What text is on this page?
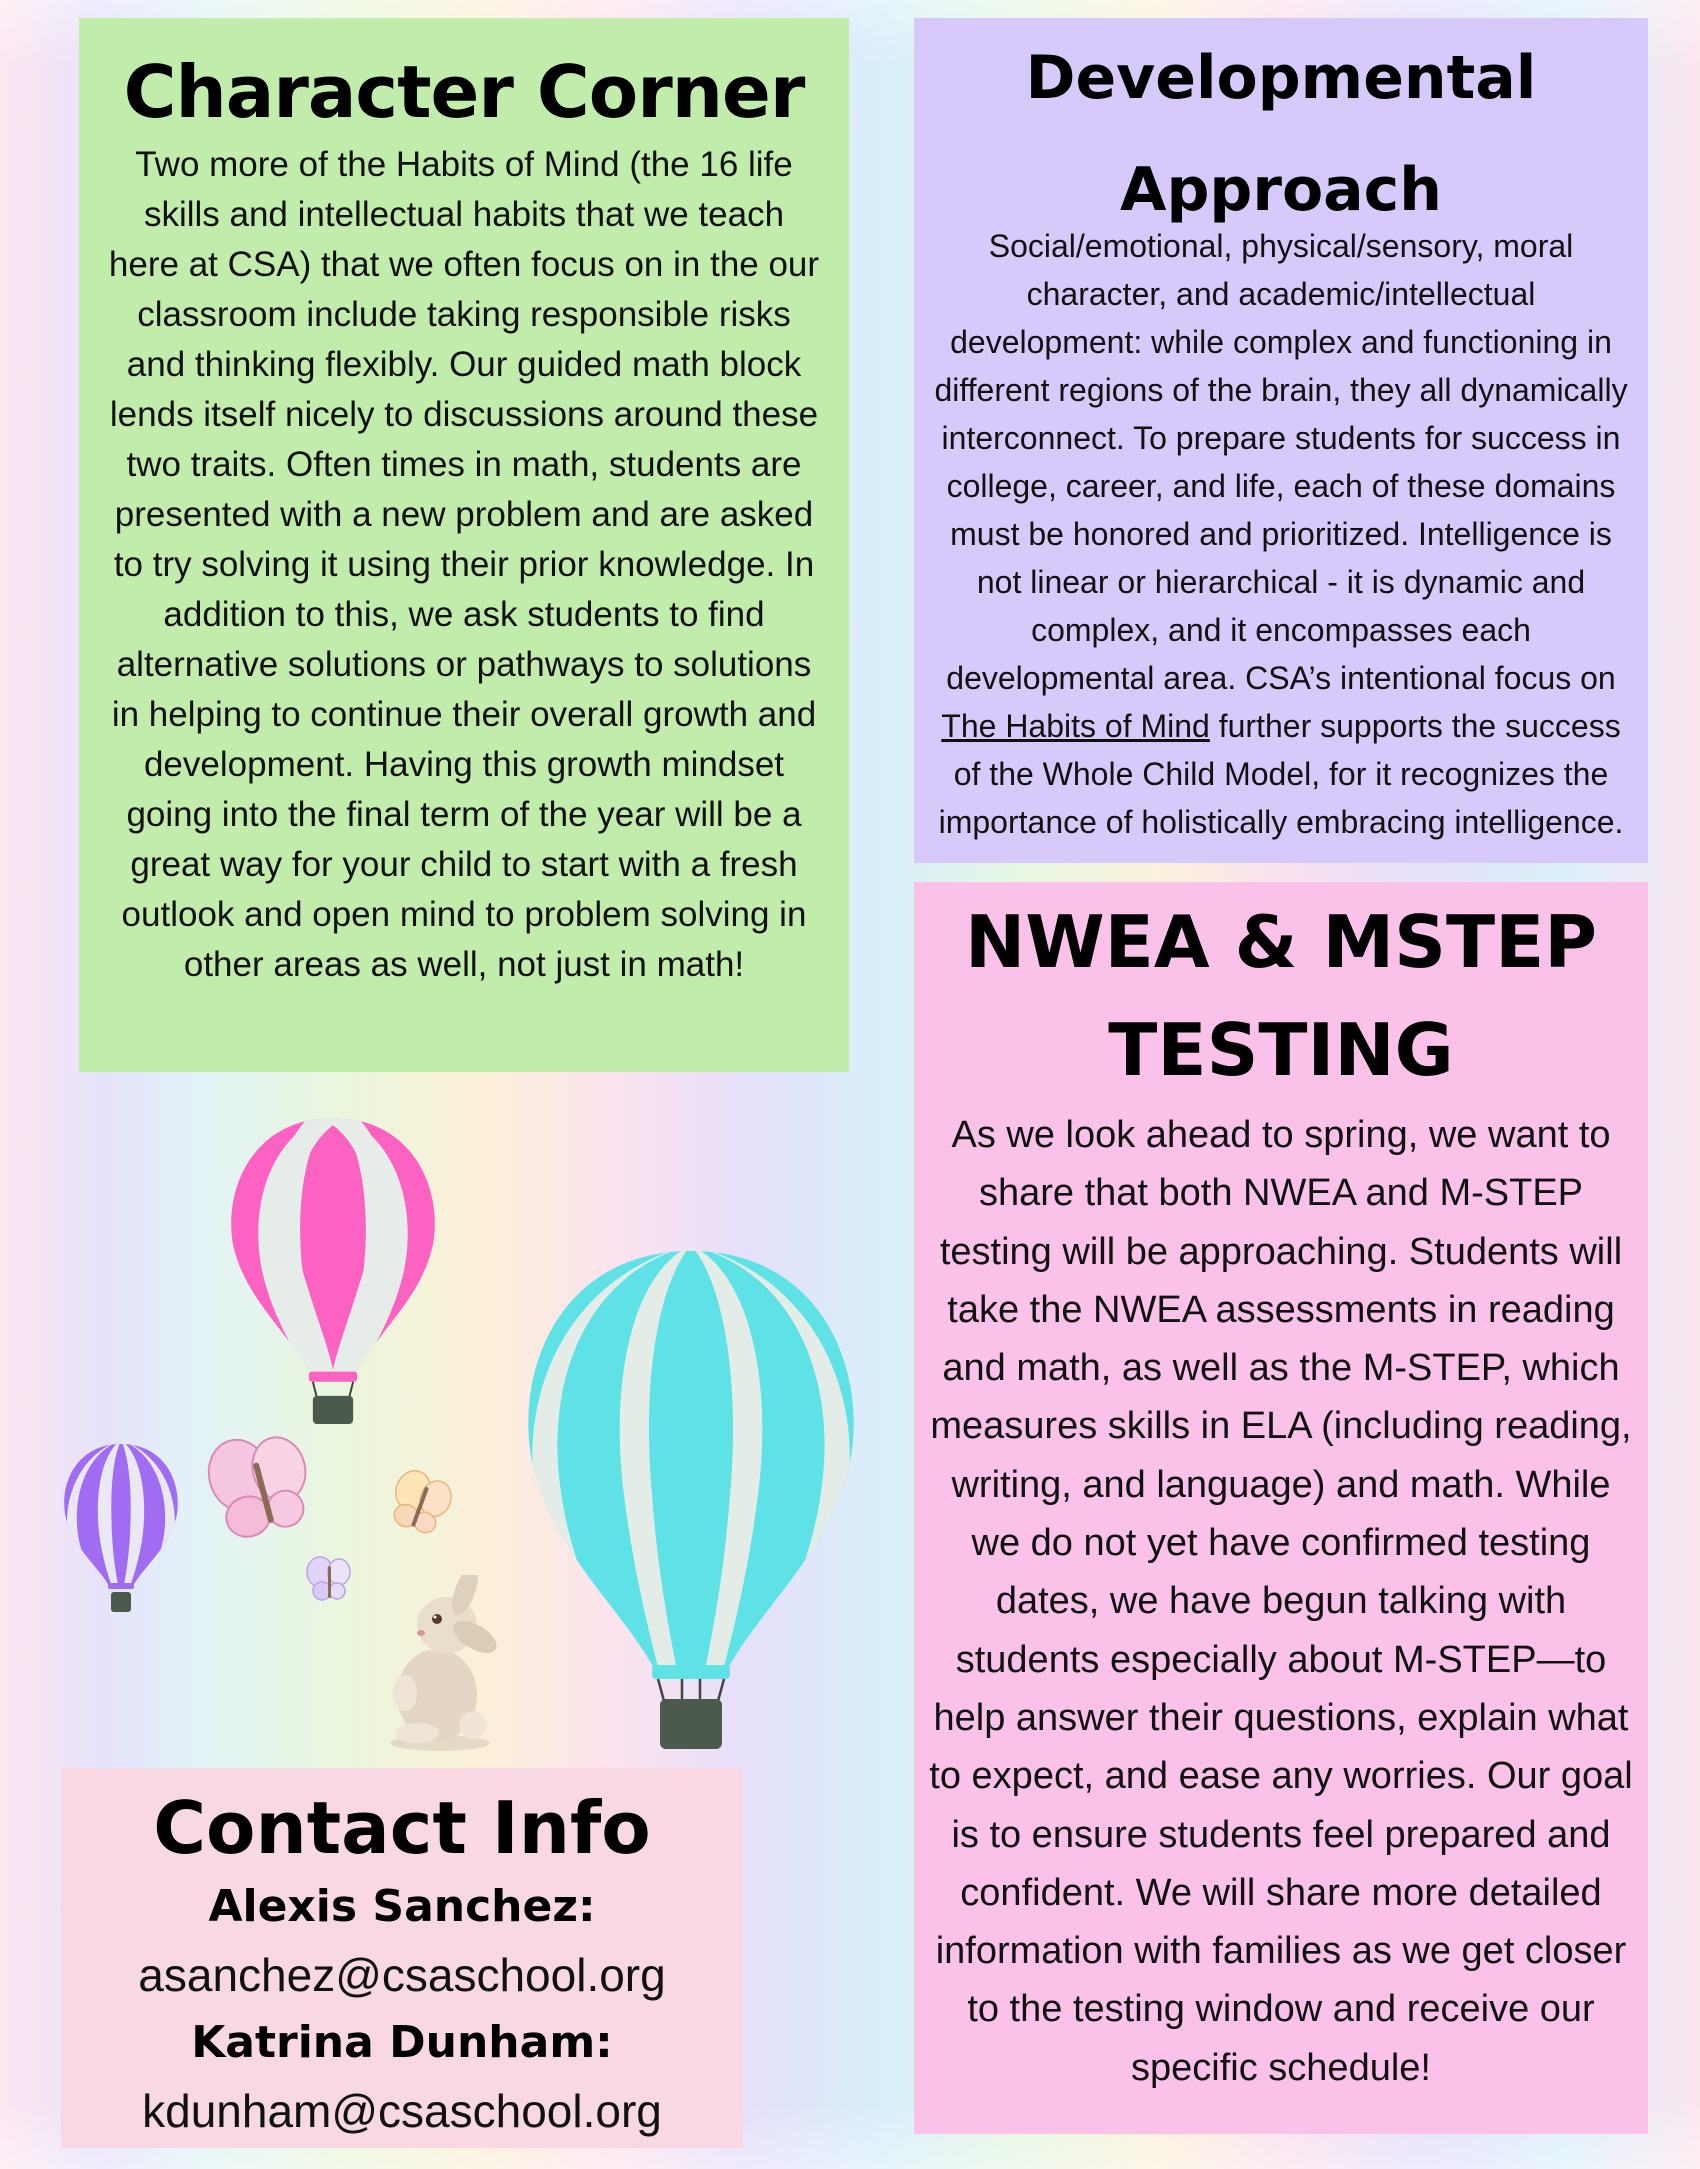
Character Corner

Two more of the Habits of Mind (the 16 life skills and intellectual habits that we teach here at CSA) that we often focus on in the our classroom include taking responsible risks and thinking flexibly. Our guided math block lends itself nicely to discussions around these two traits. Often times in math, students are presented with a new problem and are asked to try solving it using their prior knowledge. In addition to this, we ask students to find alternative solutions or pathways to solutions in helping to continue their overall growth and development. Having this growth mindset going into the final term of the year will be a great way for your child to start with a fresh outlook and open mind to problem solving in other areas as well, not just in math!

Developmental Approach

Social/emotional, physical/sensory, moral character, and academic/intellectual development: while complex and functioning in different regions of the brain, they all dynamically interconnect. To prepare students for success in college, career, and life, each of these domains must be honored and prioritized. Intelligence is not linear or hierarchical - it is dynamic and complex, and it encompasses each developmental area. CSA’s intentional focus on The Habits of Mind further supports the success of the Whole Child Model, for it recognizes the importance of holistically embracing intelligence.

NWEA & MSTEP TESTING

As we look ahead to spring, we want to share that both NWEA and M-STEP testing will be approaching. Students will take the NWEA assessments in reading and math, as well as the M-STEP, which measures skills in ELA (including reading, writing, and language) and math. While we do not yet have confirmed testing dates, we have begun talking with students especially about M-STEP—to help answer their questions, explain what to expect, and ease any worries. Our goal is to ensure students feel prepared and confident. We will share more detailed information with families as we get closer to the testing window and receive our specific schedule!

Contact Info
Alexis Sanchez:
asanchez@csaschool.org
Katrina Dunham:
kdunham@csaschool.org
